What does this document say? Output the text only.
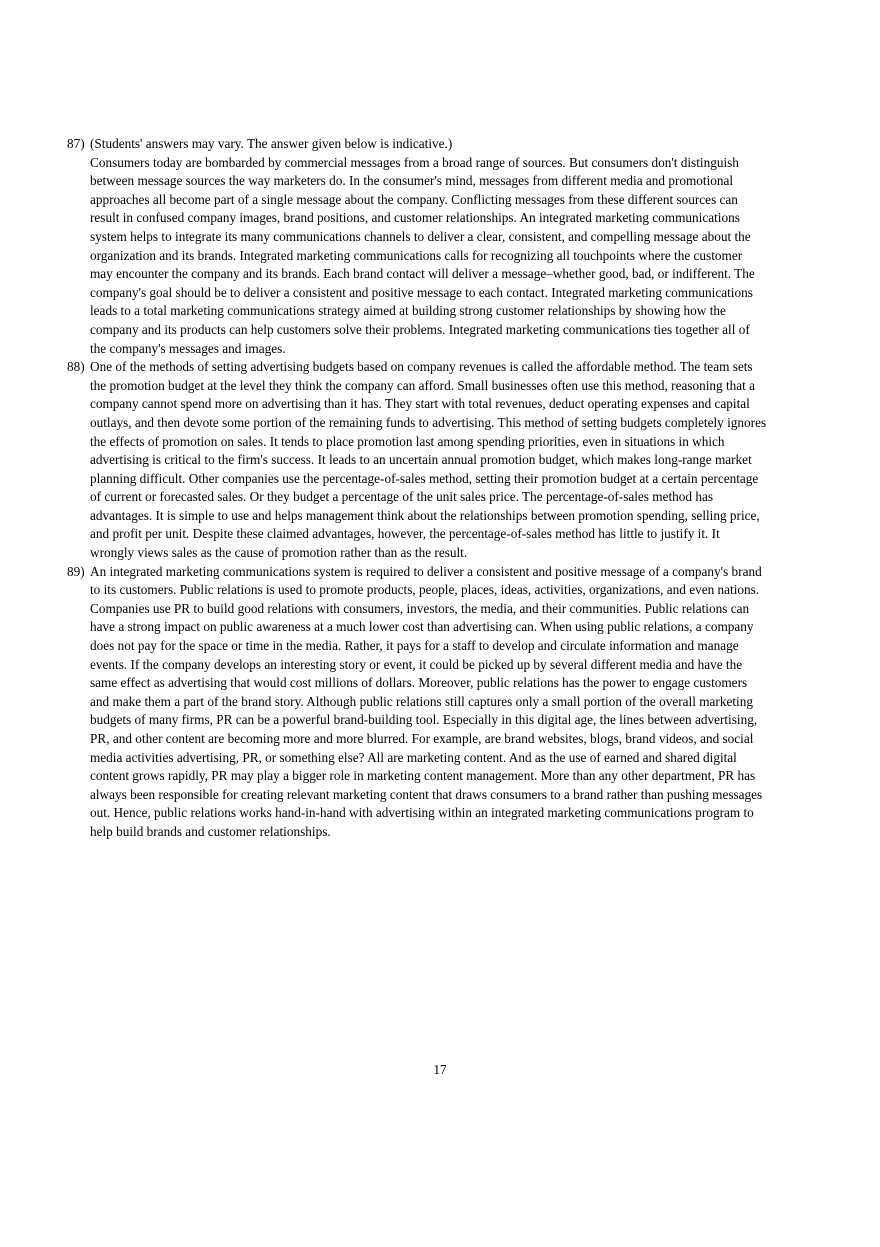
87) (Students' answers may vary. The answer given below is indicative.)

Consumers today are bombarded by commercial messages from a broad range of sources. But consumers don't distinguish between message sources the way marketers do. In the consumer's mind, messages from different media and promotional approaches all become part of a single message about the company. Conflicting messages from these different sources can result in confused company images, brand positions, and customer relationships. An integrated marketing communications system helps to integrate its many communications channels to deliver a clear, consistent, and compelling message about the organization and its brands. Integrated marketing communications calls for recognizing all touchpoints where the customer may encounter the company and its brands. Each brand contact will deliver a message–whether good, bad, or indifferent. The company's goal should be to deliver a consistent and positive message to each contact. Integrated marketing communications leads to a total marketing communications strategy aimed at building strong customer relationships by showing how the company and its products can help customers solve their problems. Integrated marketing communications ties together all of the company's messages and images.

88) One of the methods of setting advertising budgets based on company revenues is called the affordable method. The team sets the promotion budget at the level they think the company can afford. Small businesses often use this method, reasoning that a company cannot spend more on advertising than it has. They start with total revenues, deduct operating expenses and capital outlays, and then devote some portion of the remaining funds to advertising. This method of setting budgets completely ignores the effects of promotion on sales. It tends to place promotion last among spending priorities, even in situations in which advertising is critical to the firm's success. It leads to an uncertain annual promotion budget, which makes long-range market planning difficult. Other companies use the percentage-of-sales method, setting their promotion budget at a certain percentage of current or forecasted sales. Or they budget a percentage of the unit sales price. The percentage-of-sales method has advantages. It is simple to use and helps management think about the relationships between promotion spending, selling price, and profit per unit. Despite these claimed advantages, however, the percentage-of-sales method has little to justify it. It wrongly views sales as the cause of promotion rather than as the result.

89) An integrated marketing communications system is required to deliver a consistent and positive message of a company's brand to its customers. Public relations is used to promote products, people, places, ideas, activities, organizations, and even nations. Companies use PR to build good relations with consumers, investors, the media, and their communities. Public relations can have a strong impact on public awareness at a much lower cost than advertising can. When using public relations, a company does not pay for the space or time in the media. Rather, it pays for a staff to develop and circulate information and manage events. If the company develops an interesting story or event, it could be picked up by several different media and have the same effect as advertising that would cost millions of dollars. Moreover, public relations has the power to engage customers and make them a part of the brand story. Although public relations still captures only a small portion of the overall marketing budgets of many firms, PR can be a powerful brand-building tool. Especially in this digital age, the lines between advertising, PR, and other content are becoming more and more blurred. For example, are brand websites, blogs, brand videos, and social media activities advertising, PR, or something else? All are marketing content. And as the use of earned and shared digital content grows rapidly, PR may play a bigger role in marketing content management. More than any other department, PR has always been responsible for creating relevant marketing content that draws consumers to a brand rather than pushing messages out. Hence, public relations works hand-in-hand with advertising within an integrated marketing communications program to help build brands and customer relationships.

17
